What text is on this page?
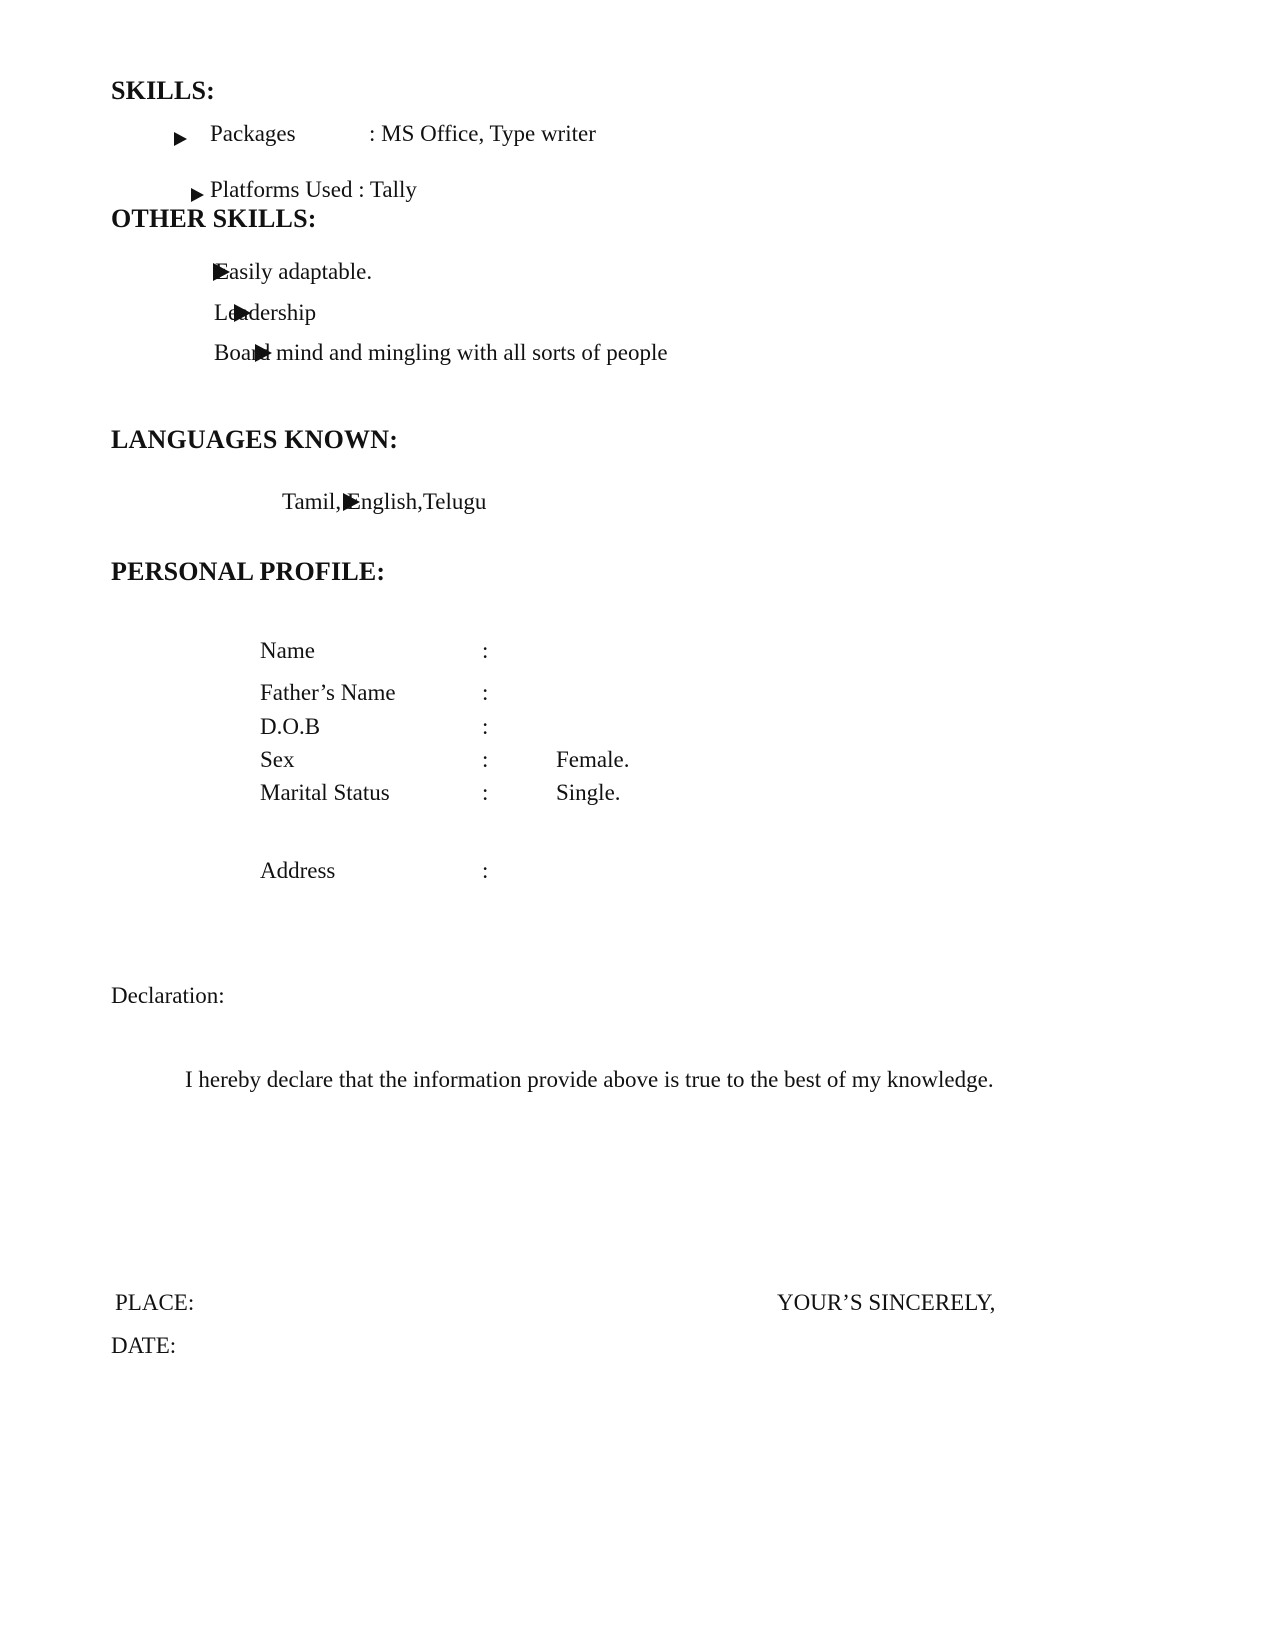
SKILLS:

Packages	: MS Office, Type writer

Platforms Used : Tally
OTHER SKILLS:

Easily adaptable.

Leadership

Board mind and mingling with all sorts of people
LANGUAGES KNOWN:
Tamil, English,Telugu
PERSONAL PROFILE:
Name	:
Father’s Name	:
D.O.B	:
Sex	:	Female.
Marital Status	:	Single.
Address	:
Declaration:
I hereby declare that the information provide above is true to the best of my knowledge.
PLACE:
DATE:
YOUR’S SINCERELY,
